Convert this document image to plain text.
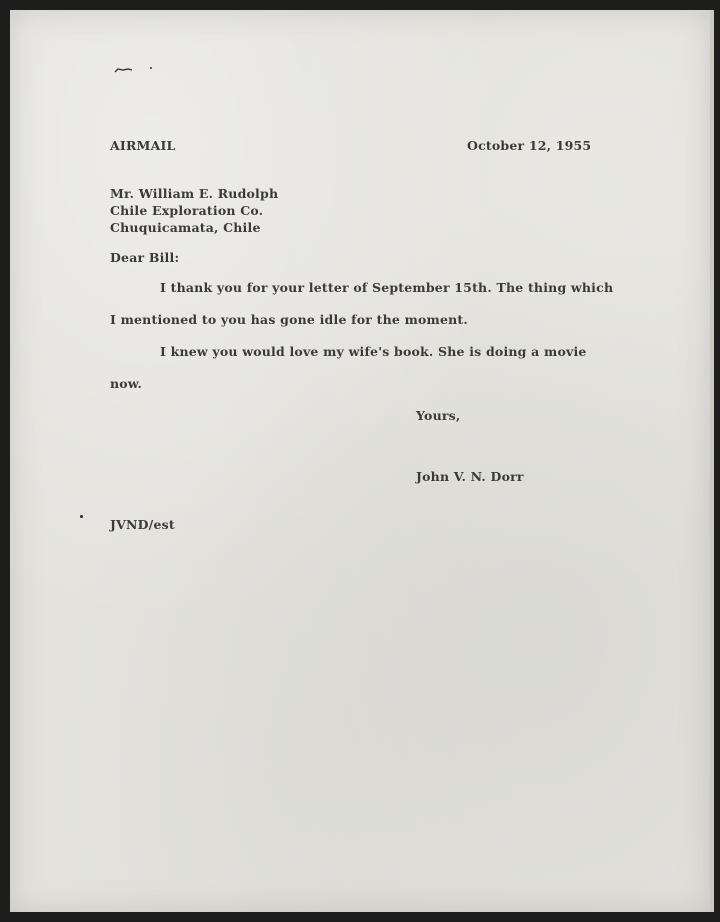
AIRMAIL	October 12, 1955
Mr. William E. Rudolph
Chile Exploration Co.
Chuquicamata, Chile
Dear Bill:
I thank you for your letter of September 15th. The thing which
I mentioned to you has gone idle for the moment.
I knew you would love my wife's book. She is doing a movie
now.
Yours,
John V. N. Dorr
JVND/est
